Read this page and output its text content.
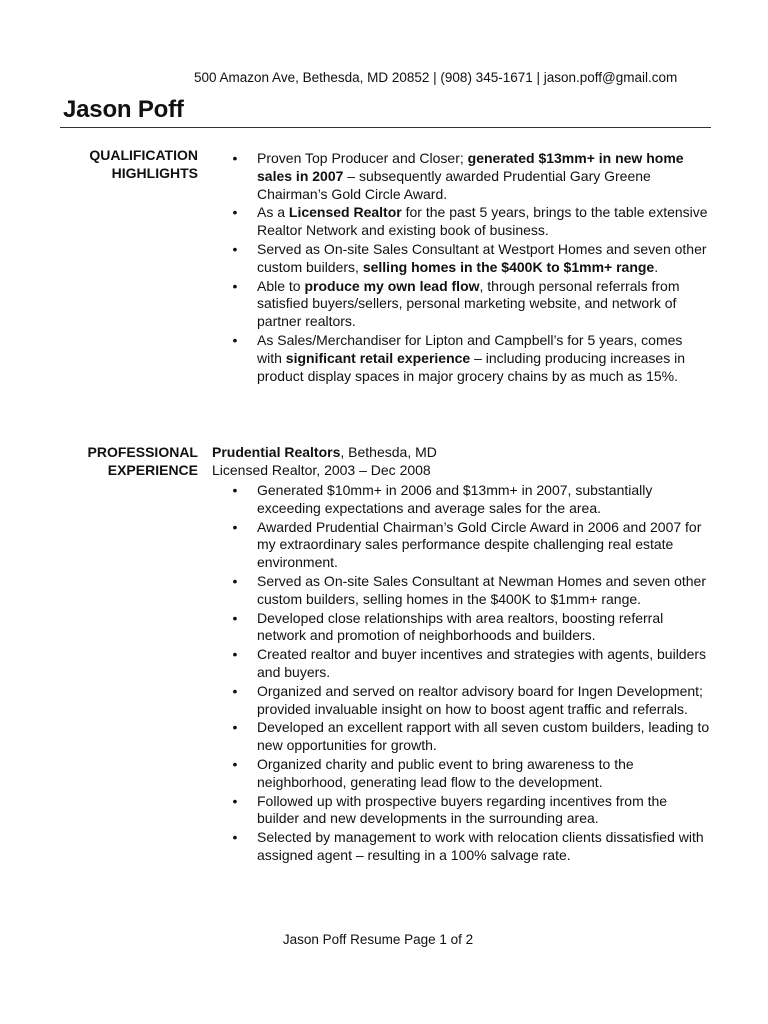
500 Amazon Ave, Bethesda, MD 20852 | (908) 345-1671 | jason.poff@gmail.com
Jason Poff
QUALIFICATION
HIGHLIGHTS
• Proven Top Producer and Closer; generated $13mm+ in new home sales in 2007 – subsequently awarded Prudential Gary Greene Chairman’s Gold Circle Award.
• As a Licensed Realtor for the past 5 years, brings to the table extensive Realtor Network and existing book of business.
• Served as On-site Sales Consultant at Westport Homes and seven other custom builders, selling homes in the $400K to $1mm+ range.
• Able to produce my own lead flow, through personal referrals from satisfied buyers/sellers, personal marketing website, and network of partner realtors.
• As Sales/Merchandiser for Lipton and Campbell’s for 5 years, comes with significant retail experience – including producing increases in product display spaces in major grocery chains by as much as 15%.
PROFESSIONAL
EXPERIENCE
Prudential Realtors, Bethesda, MD
Licensed Realtor, 2003 – Dec 2008
• Generated $10mm+ in 2006 and $13mm+ in 2007, substantially exceeding expectations and average sales for the area.
• Awarded Prudential Chairman’s Gold Circle Award in 2006 and 2007 for my extraordinary sales performance despite challenging real estate environment.
• Served as On-site Sales Consultant at Newman Homes and seven other custom builders, selling homes in the $400K to $1mm+ range.
• Developed close relationships with area realtors, boosting referral network and promotion of neighborhoods and builders.
• Created realtor and buyer incentives and strategies with agents, builders and buyers.
• Organized and served on realtor advisory board for Ingen Development; provided invaluable insight on how to boost agent traffic and referrals.
• Developed an excellent rapport with all seven custom builders, leading to new opportunities for growth.
• Organized charity and public event to bring awareness to the neighborhood, generating lead flow to the development.
• Followed up with prospective buyers regarding incentives from the builder and new developments in the surrounding area.
• Selected by management to work with relocation clients dissatisfied with assigned agent – resulting in a 100% salvage rate.
Jason Poff Resume Page 1 of 2
